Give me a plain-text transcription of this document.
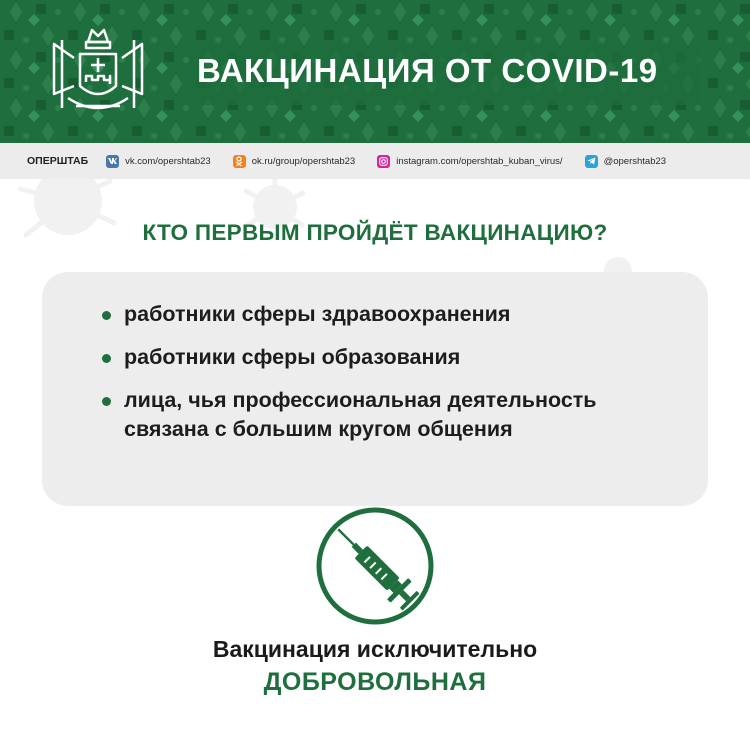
ВАКЦИНАЦИЯ ОТ COVID-19
ОПЕРШТАБ	vk.com/opershtab23	ok.ru/group/opershtab23	instagram.com/opershtab_kuban_virus/	@opershtab23
КТО ПЕРВЫМ ПРОЙДЁТ ВАКЦИНАЦИЮ?
работники сферы здравоохранения
работники сферы образования
лица, чья профессиональная деятельность связана с большим кругом общения

Вакцинация исключительно

ДОБРОВОЛЬНАЯ
